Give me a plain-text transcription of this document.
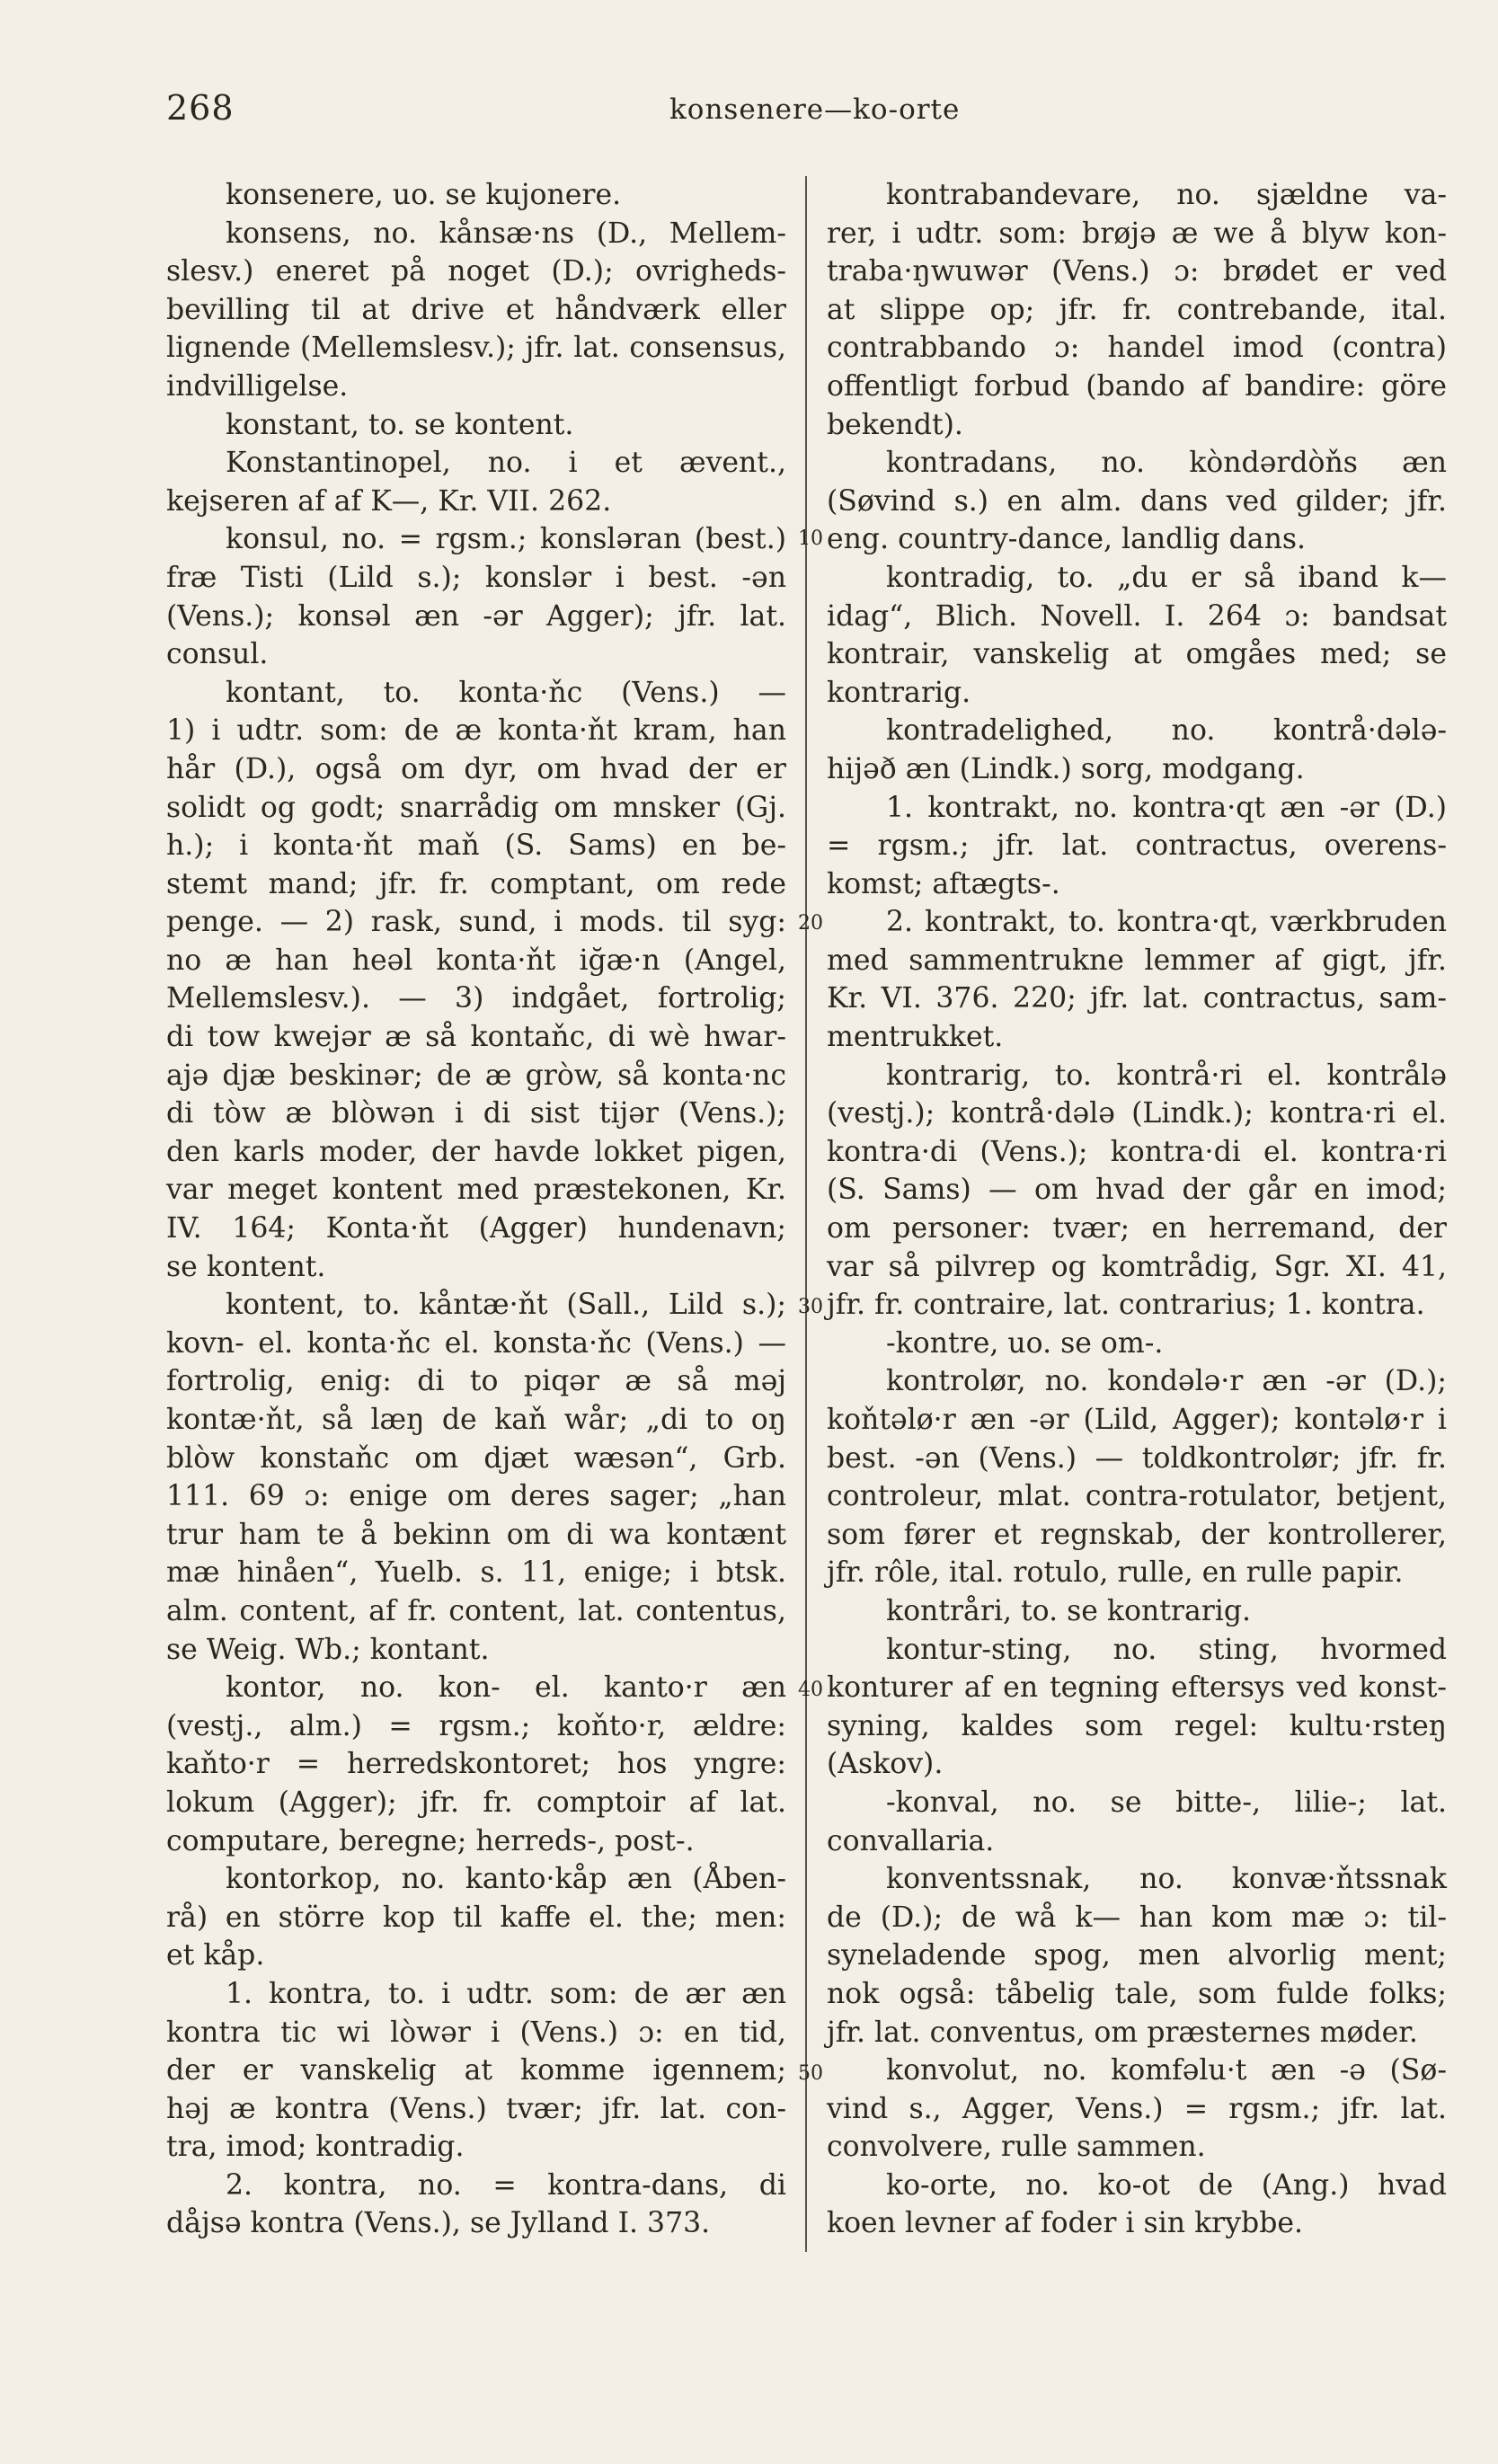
268	konsenere—ko-orte
konsenere, uo. se kujonere.
konsens, no. kånsæ·ns (D., Mellem-
slesv.) eneret på noget (D.); ovrigheds-
bevilling til at drive et håndværk eller
lignende (Mellemslesv.); jfr. lat. consensus,
indvilligelse.
konstant, to. se kontent.
Konstantinopel, no. i et ævent.,
kejseren af af K—, Kr. VII. 262.
konsul, no. = rgsm.; konsləran (best.)
fræ Tisti (Lild s.); konslər i best. -ən
(Vens.); konsəl æn -ər Agger); jfr. lat.
consul.
kontant, to. konta·ňc (Vens.) —
1) i udtr. som: de æ konta·ňt kram, han
hår (D.), også om dyr, om hvad der er
solidt og godt; snarrådig om mnsker (Gj.
h.); i konta·ňt maň (S. Sams) en be-
stemt mand; jfr. fr. comptant, om rede
penge. — 2) rask, sund, i mods. til syg:
no æ han heəl konta·ňt iğæ·n (Angel,
Mellemslesv.). — 3) indgået, fortrolig;
di tow kwejər æ så kontaňc, di wè hwar-
ajə djæ beskinər; de æ gròw, så konta·nc
di tòw æ blòwən i di sist tijər (Vens.);
den karls moder, der havde lokket pigen,
var meget kontent med præstekonen, Kr.
IV. 164; Konta·ňt (Agger) hundenavn;
se kontent.
kontent, to. kåntæ·ňt (Sall., Lild s.);
kovn- el. konta·ňc el. konsta·ňc (Vens.) —
fortrolig, enig: di to piqər æ så məj
kontæ·ňt, så læŋ de kaň wår; „di to oŋ
blòw konstaňc om djæt wæsən“, Grb.
111. 69 ɔ: enige om deres sager; „han
trur ham te å bekinn om di wa kontænt
mæ hinåen“, Yuelb. s. 11, enige; i btsk.
alm. content, af fr. content, lat. contentus,
se Weig. Wb.; kontant.
kontor, no. kon- el. kanto·r æn
(vestj., alm.) = rgsm.; koňto·r, ældre:
kaňto·r = herredskontoret; hos yngre:
lokum (Agger); jfr. fr. comptoir af lat.
computare, beregne; herreds-, post-.
kontorkop, no. kanto·kåp æn (Åben-
rå) en större kop til kaffe el. the; men:
et kåp.
1. kontra, to. i udtr. som: de ær æn
kontra tic wi lòwər i (Vens.) ɔ: en tid,
der er vanskelig at komme igennem;
həj æ kontra (Vens.) tvær; jfr. lat. con-
tra, imod; kontradig.
2. kontra, no. = kontra-dans, di
dåjsə kontra (Vens.), se Jylland I. 373.
kontrabandevare, no. sjældne va-
rer, i udtr. som: brøjə æ we å blyw kon-
traba·ŋwuwər (Vens.) ɔ: brødet er ved
at slippe op; jfr. fr. contrebande, ital.
contrabbando ɔ: handel imod (contra)
offentligt forbud (bando af bandire: göre
bekendt).
kontradans, no. kòndərdòňs æn
(Søvind s.) en alm. dans ved gilder; jfr.
eng. country-dance, landlig dans.
kontradig, to. „du er så iband k—
idag“, Blich. Novell. I. 264 ɔ: bandsat
kontrair, vanskelig at omgåes med; se
kontrarig.
kontradelighed, no. kontrå·dələ-
hijəð æn (Lindk.) sorg, modgang.
1. kontrakt, no. kontra·qt æn -ər (D.)
= rgsm.; jfr. lat. contractus, overens-
komst; aftægts-.
2. kontrakt, to. kontra·qt, værkbruden
med sammentrukne lemmer af gigt, jfr.
Kr. VI. 376. 220; jfr. lat. contractus, sam-
mentrukket.
kontrarig, to. kontrå·ri el. kontrålə
(vestj.); kontrå·dələ (Lindk.); kontra·ri el.
kontra·di (Vens.); kontra·di el. kontra·ri
(S. Sams) — om hvad der går en imod;
om personer: tvær; en herremand, der
var så pilvrep og komtrådig, Sgr. XI. 41,
jfr. fr. contraire, lat. contrarius; 1. kontra.
-kontre, uo. se om-.
kontrolør, no. kondələ·r æn -ər (D.);
koňtəlø·r æn -ər (Lild, Agger); kontəlø·r i
best. -ən (Vens.) — toldkontrolør; jfr. fr.
controleur, mlat. contra-rotulator, betjent,
som fører et regnskab, der kontrollerer,
jfr. rôle, ital. rotulo, rulle, en rulle papir.
kontråri, to. se kontrarig.
kontur-sting, no. sting, hvormed
konturer af en tegning eftersys ved konst-
syning, kaldes som regel: kultu·rsteŋ
(Askov).
-konval, no. se bitte-, lilie-; lat.
convallaria.
konventssnak, no. konvæ·ňtssnak
de (D.); de wå k— han kom mæ ɔ: til-
syneladende spog, men alvorlig ment;
nok også: tåbelig tale, som fulde folks;
jfr. lat. conventus, om præsternes møder.
konvolut, no. komfəlu·t æn -ə (Sø-
vind s., Agger, Vens.) = rgsm.; jfr. lat.
convolvere, rulle sammen.
ko-orte, no. ko-ot de (Ang.) hvad
koen levner af foder i sin krybbe.
10
20
30
40
50
